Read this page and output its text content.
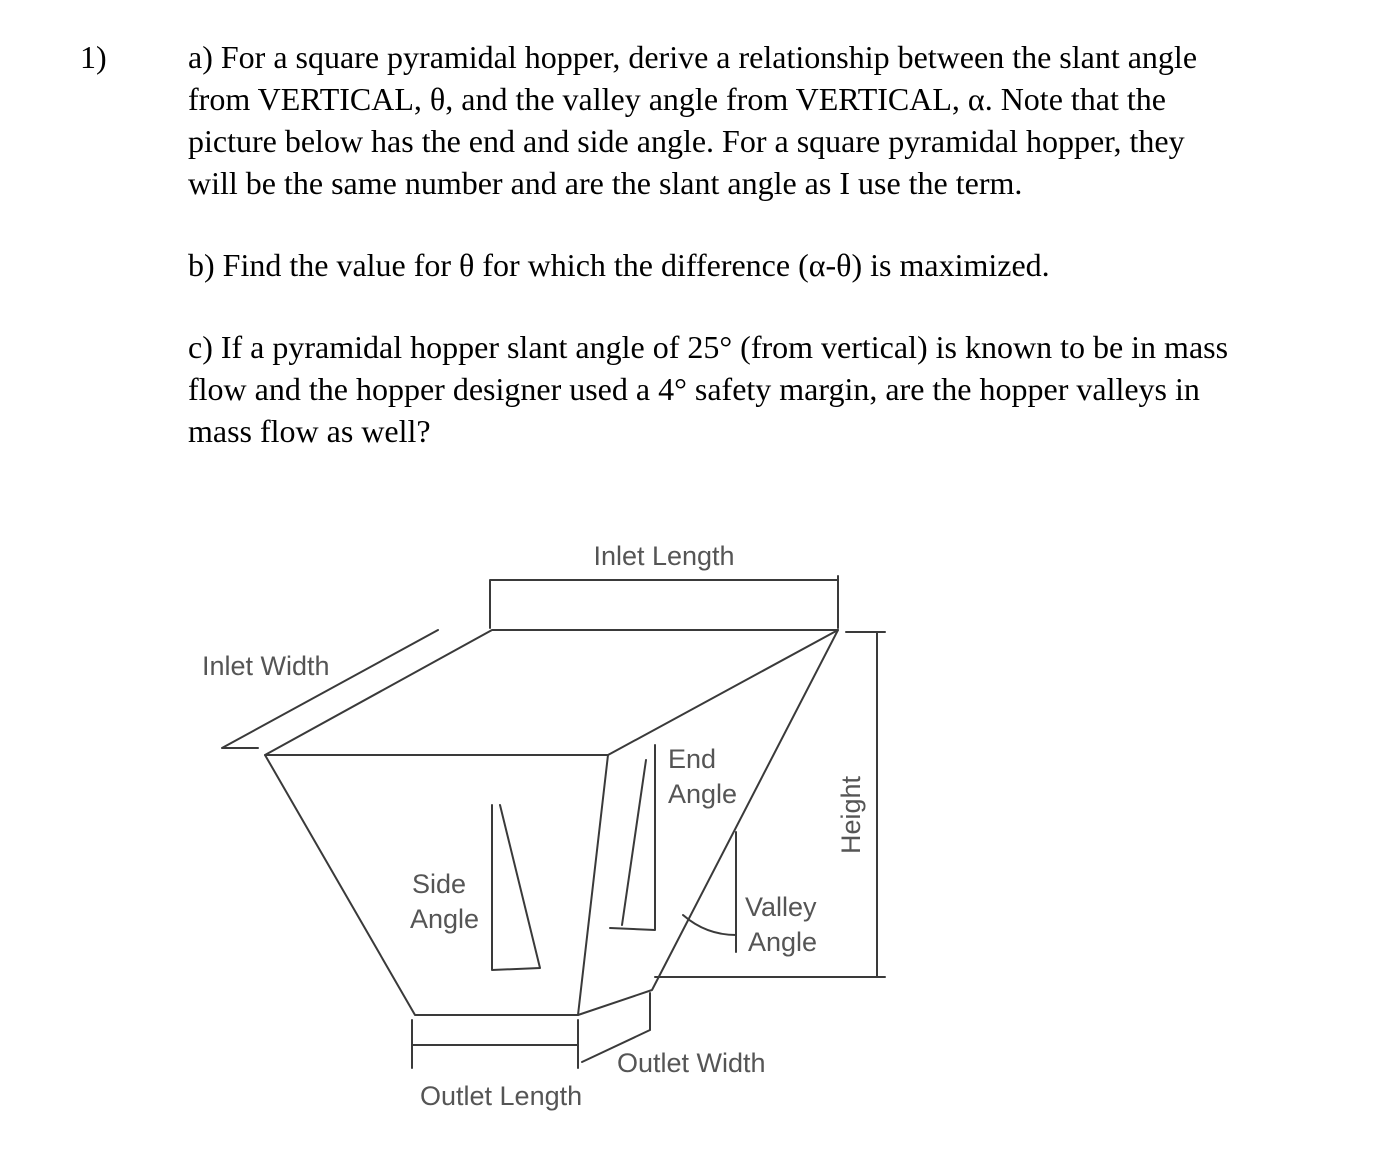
1)	a) For a square pyramidal hopper, derive a relationship between the slant angle
from VERTICAL, θ, and the valley angle from VERTICAL, α. Note that the
picture below has the end and side angle. For a square pyramidal hopper, they
will be the same number and are the slant angle as I use the term.
b) Find the value for θ for which the difference (α-θ) is maximized.
c) If a pyramidal hopper slant angle of 25° (from vertical) is known to be in mass
flow and the hopper designer used a 4° safety margin, are the hopper valleys in
mass flow as well?
Inlet Length
Inlet Width
End
Angle
Side
Angle	Valley
Angle
Height
Outlet Width
Outlet Length
